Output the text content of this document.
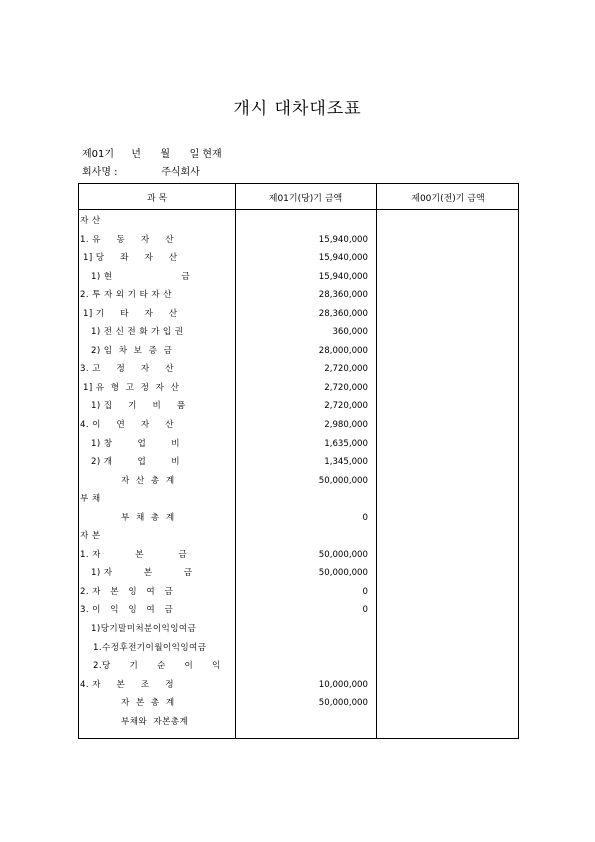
개시 대차대조표
제01기 년 월 일 현재
회사명 :	주식회사
과 목	제01기(당)기 금액	제00기(전)기 금액
자 산
1. 유     동     자     산	15,940,000
1] 당     좌     자     산	15,940,000
1) 현                      금	15,940,000
2. 투 자 외 기 타 자 산	28,360,000
1] 기     타     자     산	28,360,000
1) 전 신 전 화 가 입 권	360,000
2) 임  차  보  증  금	28,000,000
3. 고     정     자     산	2,720,000
1] 유  형  고  정  자  산	2,720,000
1) 집     기     비     품	2,720,000
4. 이     연     자     산	2,980,000
1) 창        업        비	1,635,000
2) 개        업        비	1,345,000
자  산  총  계	50,000,000
부 채
부  채  총  계	0
자 본
1. 자           본           금	50,000,000
1) 자          본          금	50,000,000
2. 자   본   잉   여   금	0
3. 이   익   잉   여   금	0
1)당기말미처분이익잉여금
1.수정후전기이월이익잉여금
2.당      기      순      이      익
4. 자     본     조     정	10,000,000
자  본  총  계	50,000,000
부채와  자본총계
